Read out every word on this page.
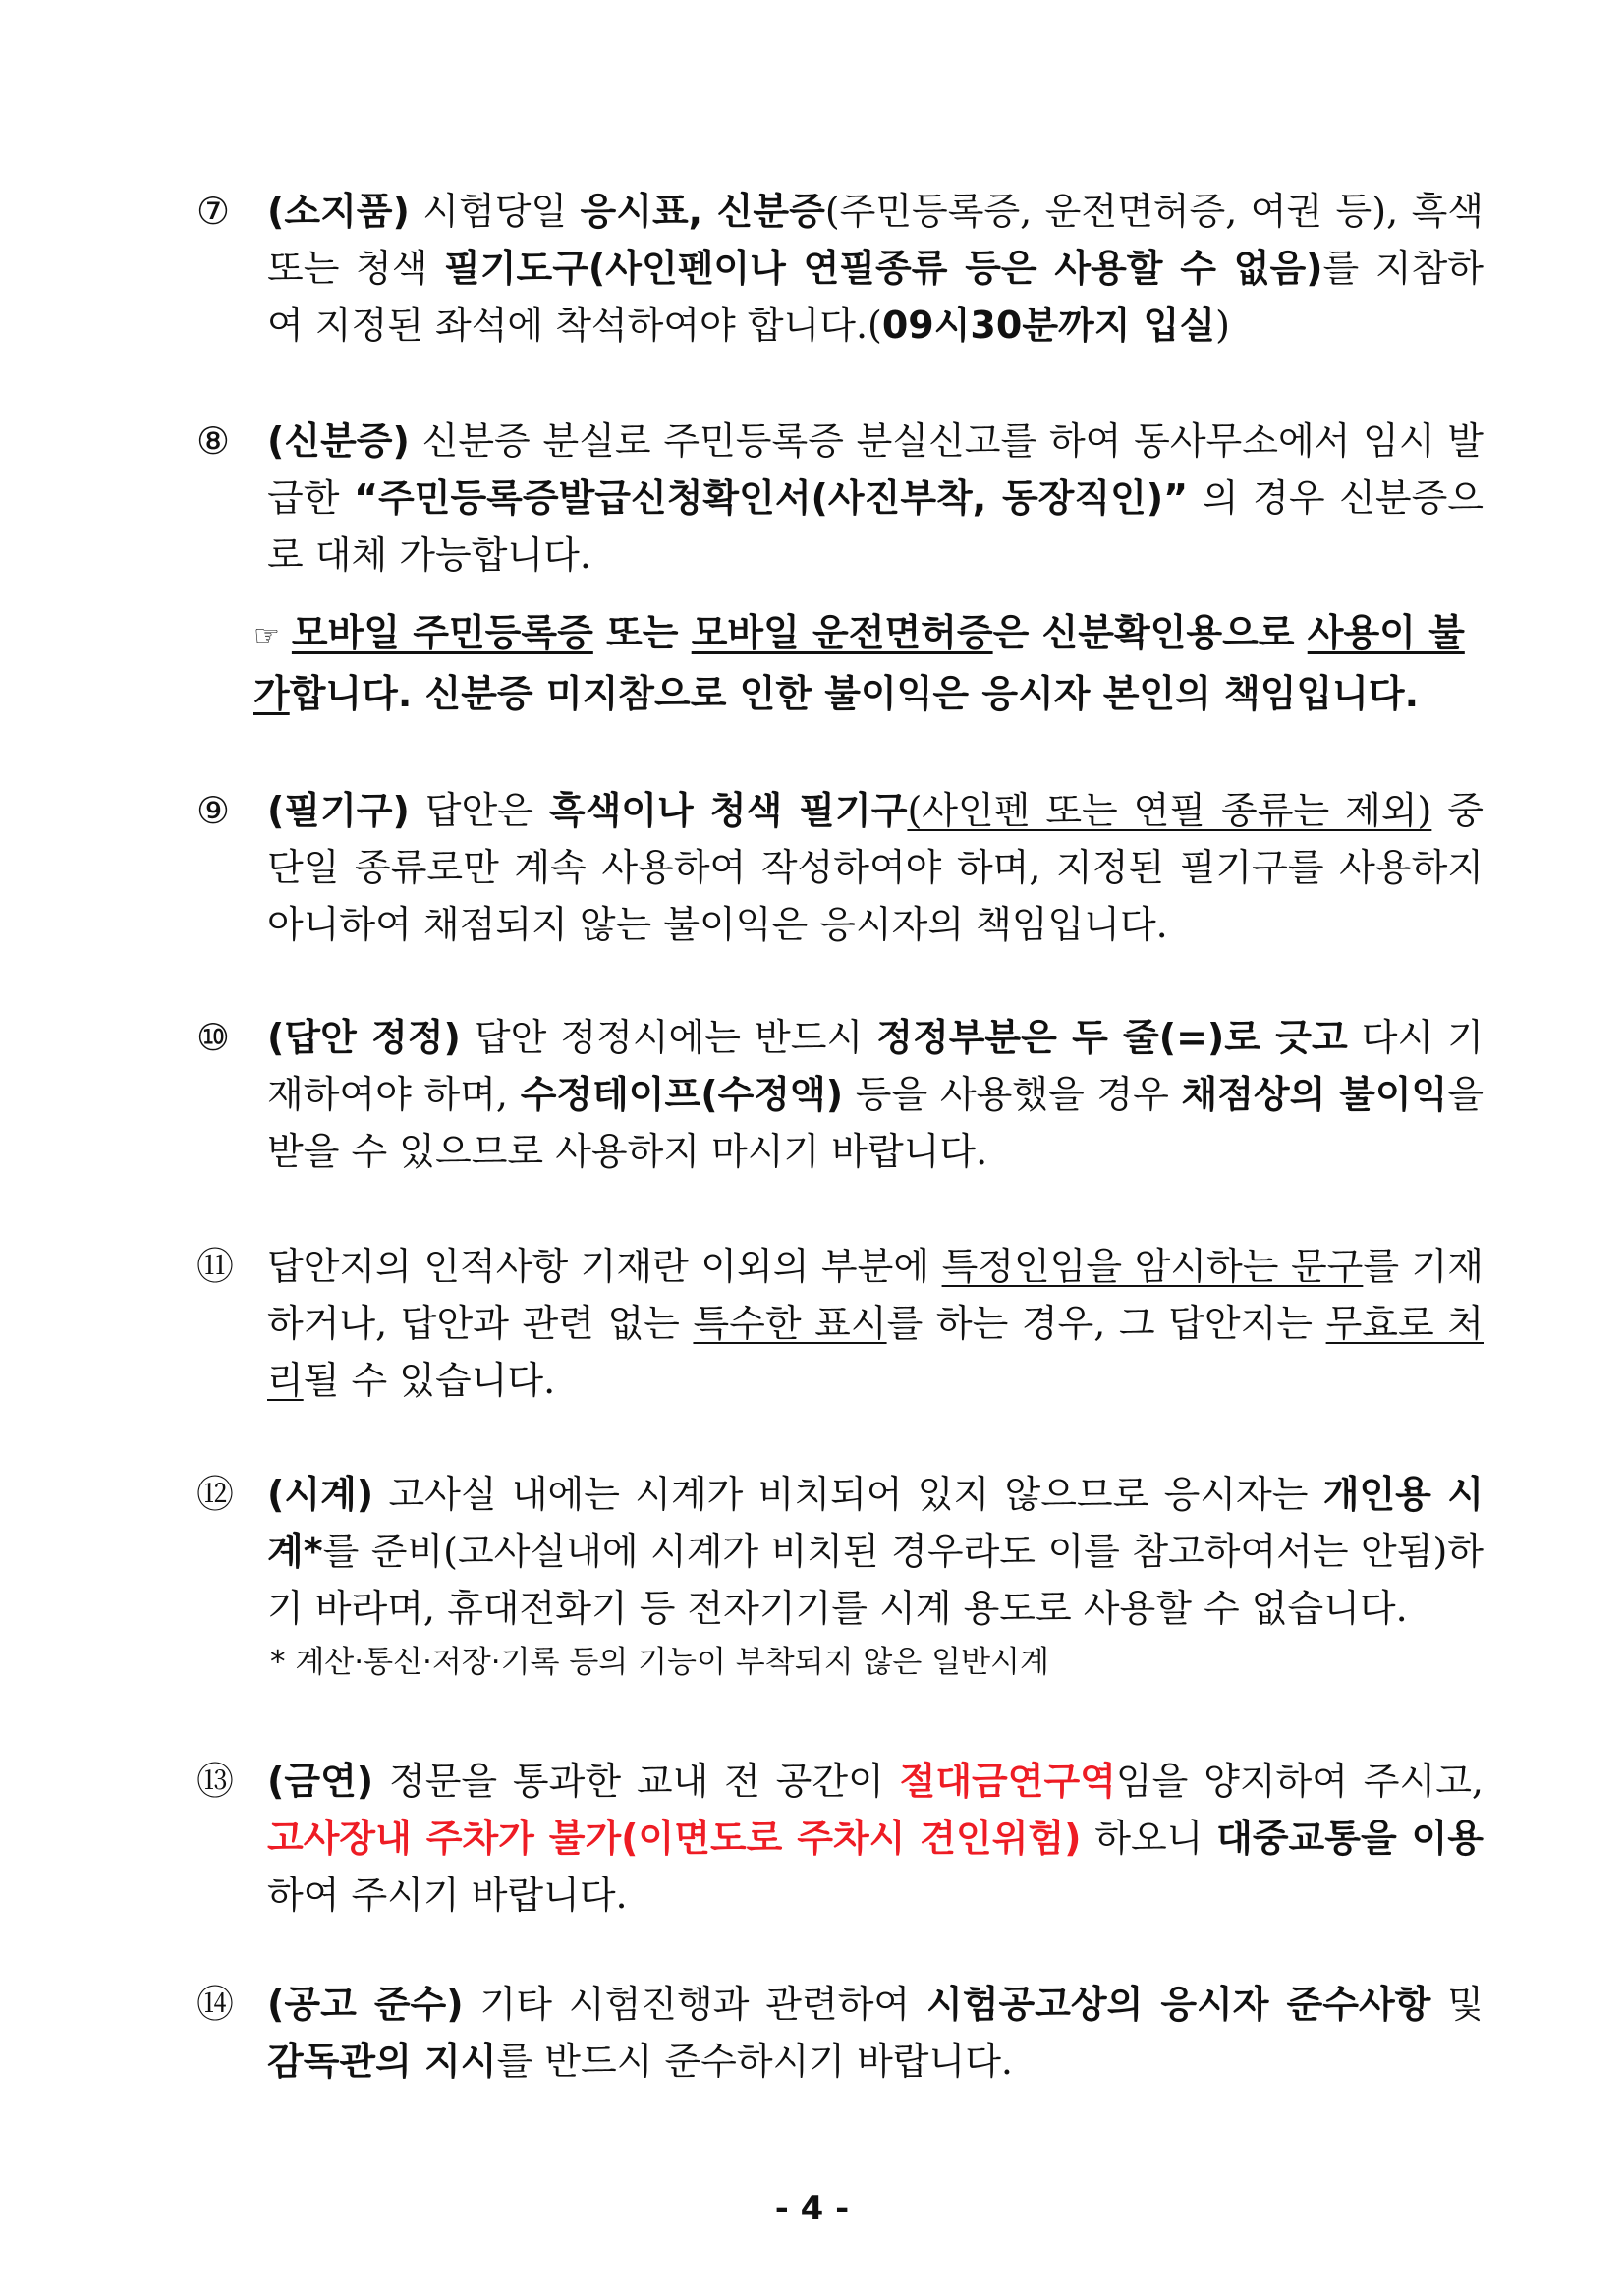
⑦ (소지품) 시험당일 응시표, 신분증(주민등록증, 운전면허증, 여권 등), 흑색 또는 청색 필기도구(사인펜이나 연필종류 등은 사용할 수 없음)를 지참하여 지정된 좌석에 착석하여야 합니다.(09시30분까지 입실)
⑧ (신분증) 신분증 분실로 주민등록증 분실신고를 하여 동사무소에서 임시 발급한 “주민등록증발급신청확인서(사진부착, 동장직인)” 의 경우 신분증으로 대체 가능합니다.
☞ 모바일 주민등록증 또는 모바일 운전면허증은 신분확인용으로 사용이 불가합니다. 신분증 미지참으로 인한 불이익은 응시자 본인의 책임입니다.
⑨ (필기구) 답안은 흑색이나 청색 필기구(사인펜 또는 연필 종류는 제외) 중 단일 종류로만 계속 사용하여 작성하여야 하며, 지정된 필기구를 사용하지 아니하여 채점되지 않는 불이익은 응시자의 책임입니다.
⑩ (답안 정정) 답안 정정시에는 반드시 정정부분은 두 줄(=)로 긋고 다시 기재하여야 하며, 수정테이프(수정액) 등을 사용했을 경우 채점상의 불이익을 받을 수 있으므로 사용하지 마시기 바랍니다.
⑪ 답안지의 인적사항 기재란 이외의 부분에 특정인임을 암시하는 문구를 기재하거나, 답안과 관련 없는 특수한 표시를 하는 경우, 그 답안지는 무효로 처리될 수 있습니다.
⑫ (시계) 고사실 내에는 시계가 비치되어 있지 않으므로 응시자는 개인용 시계*를 준비(고사실내에 시계가 비치된 경우라도 이를 참고하여서는 안됨)하기 바라며, 휴대전화기 등 전자기기를 시계 용도로 사용할 수 없습니다.
* 계산·통신·저장·기록 등의 기능이 부착되지 않은 일반시계
⑬ (금연) 정문을 통과한 교내 전 공간이 절대금연구역임을 양지하여 주시고, 고사장내 주차가 불가(이면도로 주차시 견인위험) 하오니 대중교통을 이용하여 주시기 바랍니다.
⑭ (공고 준수) 기타 시험진행과 관련하여 시험공고상의 응시자 준수사항 및 감독관의 지시를 반드시 준수하시기 바랍니다.
- 4 -
